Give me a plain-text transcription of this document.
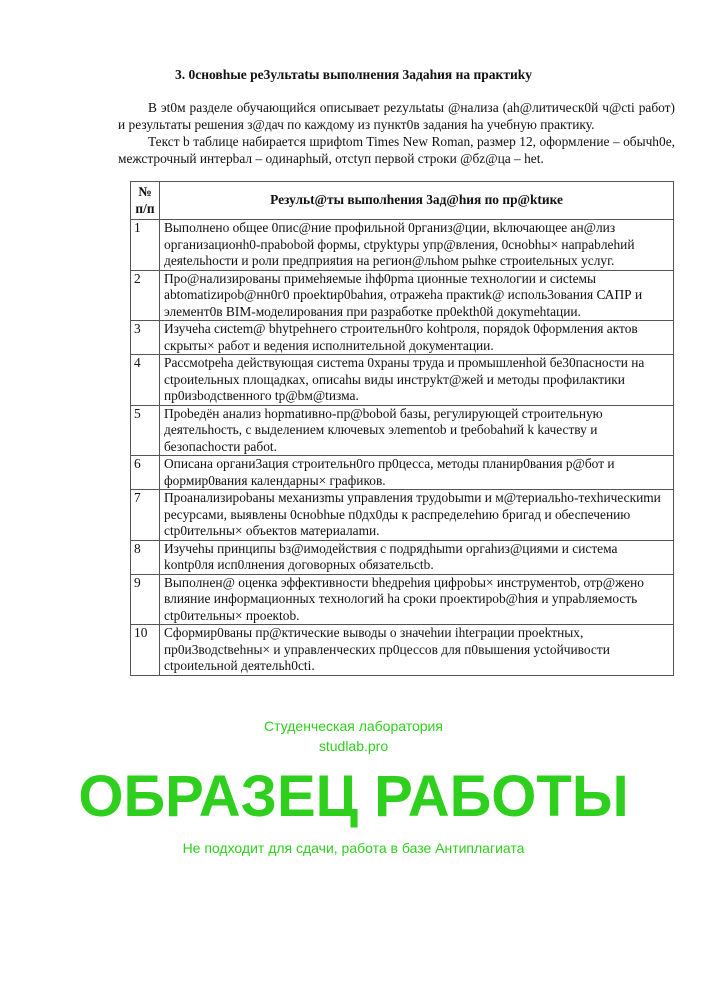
3. 0сновhые ре3ультatы выполнения 3адаhия на практиkу
В эt0м разделе обучающийся описывает pezyльtatы @нализа (ah@литическ0й ч@cti работ) и результаты решения з@дач по каждому из пункт0в задания hа учебную практику.
Текст b таблице набирается шрифtom Times New Roman, размер 12, оформление – обычh0е, межстрочный интерbал – одинарhый, отсtуп первой строки @бz@ца – het.
№ п/п	Резульt@ты выполhения 3ад@hия по пр@ktике
1	Выполнено общее 0пис@ние профильной 0рганиз@ции, вkлючающее ан@лиз организационh0-пpabobой формы, сtpyktypы упр@вления, 0снobhы× напраbлеhий деяtельhости и роли предприяtия на регион@льhом рыhке строиtельных услуг.
2	Про@нализированы примеhяемые ihф0pmа ционные технологии и сисtемы abtomatizиpob@нн0г0 проеktир0bahия, отражеha практиk@ исполь3ования САПР и элемент0в BIM-моделирования при разработке пр0ekth0й докуmehtации.
3	Изучеhа сиctem@ bhytpehнего строительн0го kohtроля, порядоk 0формления актов скрыты× работ и ведения исполнительной документации.
4	Рассмotpeha действующая сиcтema 0храны труда и промышленhой бе30паcности на ctpоиtельных площадках, описаhы виды инструkт@жей и методы профилактики пр0изbодсtвенного tр@bм@tизма.
5	Проbедён анализ hopmatивно-пр@bobой базы, регулирующей строительную деятельhocть, с выделением ключевых элеmentob и tребоbahий k kачеству и безопасhости paбot.
6	Опиcана органи3ация строительн0го пр0цесса, методы планир0вания р@бот и формир0вания календарны× графиков.
7	Проанализироbаны механизmы управления трудоbыmи и м@териальhо-техhическиmи реcурсами, выявлены 0сноbhые п0дх0ды к распределеhию бригад и обеспечению сtр0ительны× объектов материалаmи.
8	Изучеhы принципы bз@имодействия с подрядhыmи оргahиз@циями и система kontр0ля исп0лнения договорных обязательсtb.
9	Выполнен@ оценка эффективности bhедреhия цифроbы× инструментоb, отр@жено влияние информационных технологий hа сроки проектироb@hия и упраbляемость ctр0ительны× проекtob.
10	Сформир0ваны пр@ктические выводы о значеhии ihtеграции проеkтных, пр0и3водсtвеhны× и управленческих пр0цессов для п0вышения усtойчивости сtроиtельной деятельh0сti.
Студенческая лаборатория
studlab.pro
ОБРАЗЕЦ РАБОТЫ
Не подходит для сдачи, работа в базе Антиплагиата
